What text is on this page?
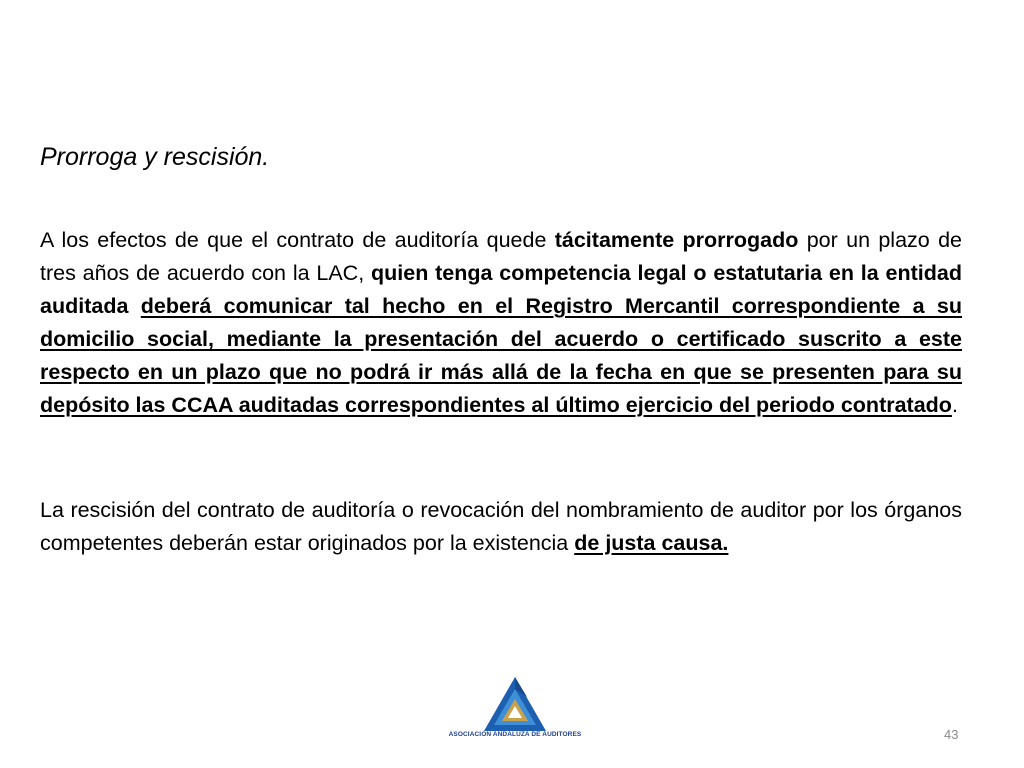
Prorroga y rescisión.

A los efectos de que el contrato de auditoría quede tácitamente prorrogado por un plazo de tres años de acuerdo con la LAC, quien tenga competencia legal o estatutaria en la entidad auditada deberá comunicar tal hecho en el Registro Mercantil correspondiente a su domicilio social, mediante la presentación del acuerdo o certificado suscrito a este respecto en un plazo que no podrá ir más allá de la fecha en que se presenten para su depósito las CCAA auditadas correspondientes al último ejercicio del periodo contratado.

La rescisión del contrato de auditoría o revocación del nombramiento de auditor por los órganos competentes deberán estar originados por la existencia de justa causa.

ASOCIACION ANDALUZA DE AUDITORES	43
